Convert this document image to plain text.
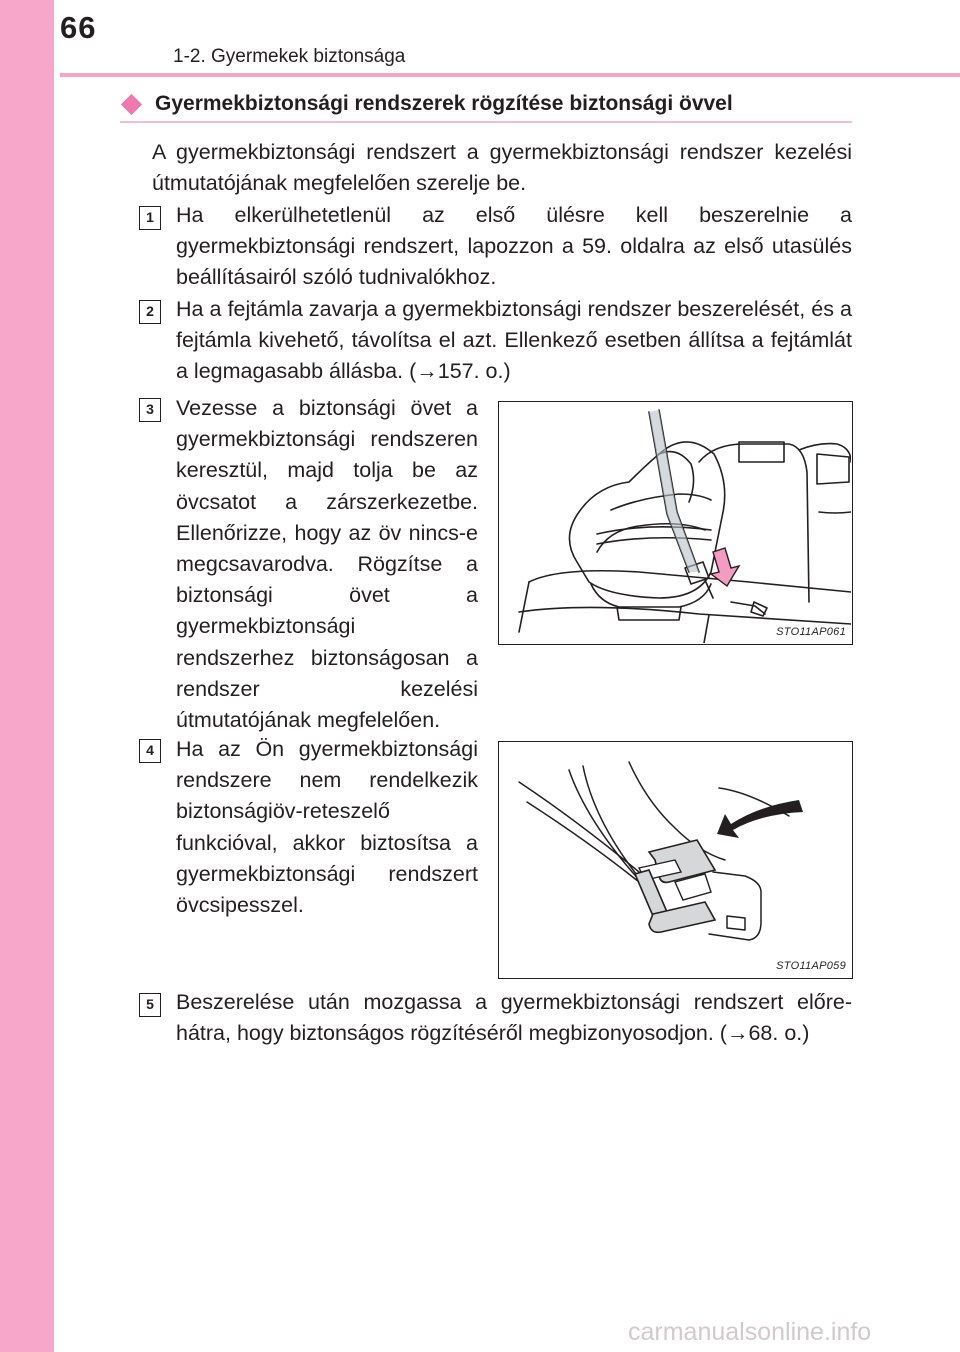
66
1-2. Gyermekek biztonsága
Gyermekbiztonsági rendszerek rögzítése biztonsági övvel
A gyermekbiztonsági rendszert a gyermekbiztonsági rendszer kezelési útmutatójának megfelelően szerelje be.
1	Ha elkerülhetetlenül az első ülésre kell beszerelnie a gyermekbiztonsági rendszert, lapozzon a 59. oldalra az első utasülés beállításairól szóló tudnivalókhoz.
2	Ha a fejtámla zavarja a gyermekbiztonsági rendszer beszerelését, és a fejtámla kivehető, távolítsa el azt. Ellenkező esetben állítsa a fejtámlát a legmagasabb állásba. (→157. o.)
3	Vezesse a biztonsági övet a gyermekbiztonsági rendszeren keresztül, majd tolja be az övcsatot a zárszerkezetbe. Ellenőrizze, hogy az öv nincs-e megcsavarodva. Rögzítse a biztonsági övet a gyermekbiztonsági rendszerhez biztonságosan a rendszer kezelési útmutatójának megfelelően.
STO11AP061
4	Ha az Ön gyermekbiztonsági rendszere nem rendelkezik biztonságiöv-reteszelő funkcióval, akkor biztosítsa a gyermekbiztonsági rendszert övcsipesszel.
STO11AP059
5	Beszerelése után mozgassa a gyermekbiztonsági rendszert előre-hátra, hogy biztonságos rögzítéséről megbizonyosodjon. (→68. o.)
carmanualsonline.info
